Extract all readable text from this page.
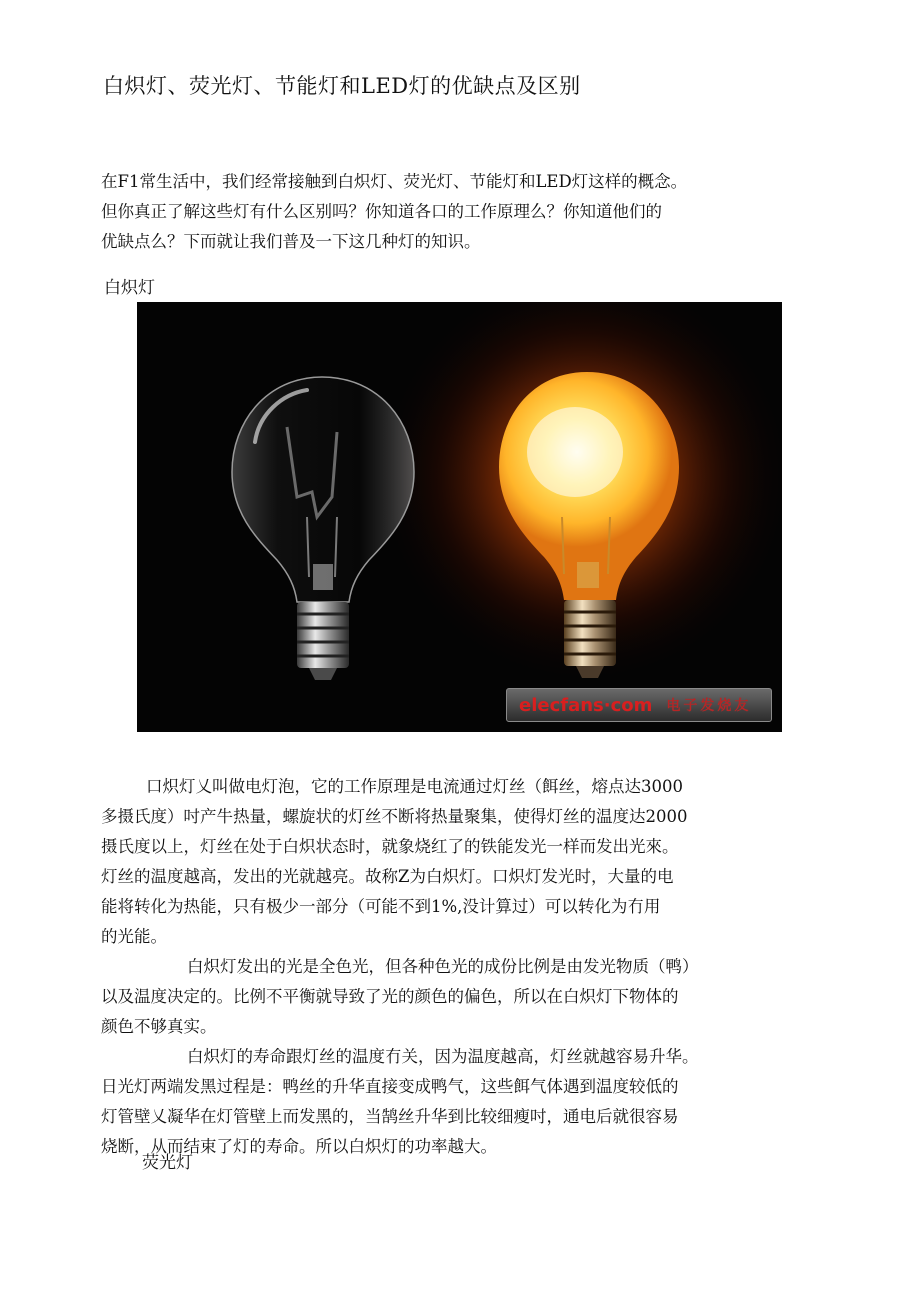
白炽灯、荧光灯、节能灯和LED灯的优缺点及区别

在F1常生活中，我们经常接触到白炽灯、荧光灯、节能灯和LED灯这样的概念。

但你真正了解这些灯有什么区别吗？你知道各口的工作原理么？你知道他们的

优缺点么？下而就让我们普及一下这几种灯的知识。

白炽灯
elecfans·com 电子发烧友

口炽灯乂叫做电灯泡，它的工作原理是电流通过灯丝（餌丝，熔点达3000

多摄氏度）吋产牛热量，螺旋状的灯丝不断将热量聚集，使得灯丝的温度达2000

摄氏度以上，灯丝在处于白炽状态时，就象烧红了的铁能发光一样而发出光來。

灯丝的温度越高，发出的光就越亮。故称Z为白炽灯。口炽灯发光时，大量的电

能将转化为热能，只有极少一部分（可能不到1%,没计算过）可以转化为冇用

的光能。

白炽灯发出的光是全色光，但各种色光的成份比例是由发光物质（鸭）

以及温度决定的。比例不平衡就导致了光的颜色的偏色，所以在白炽灯下物体的

颜色不够真实。

白炽灯的寿命跟灯丝的温度冇关，因为温度越高，灯丝就越容易升华。

日光灯两端发黑过程是：鸭丝的升华直接变成鸭气，这些餌气体遇到温度较低的

灯管壁乂凝华在灯管壁上而发黑的，当鹄丝升华到比较细瘦吋，通电后就很容易

烧断，从而结束了灯的寿命。所以白炽灯的功率越大。

荧光灯
